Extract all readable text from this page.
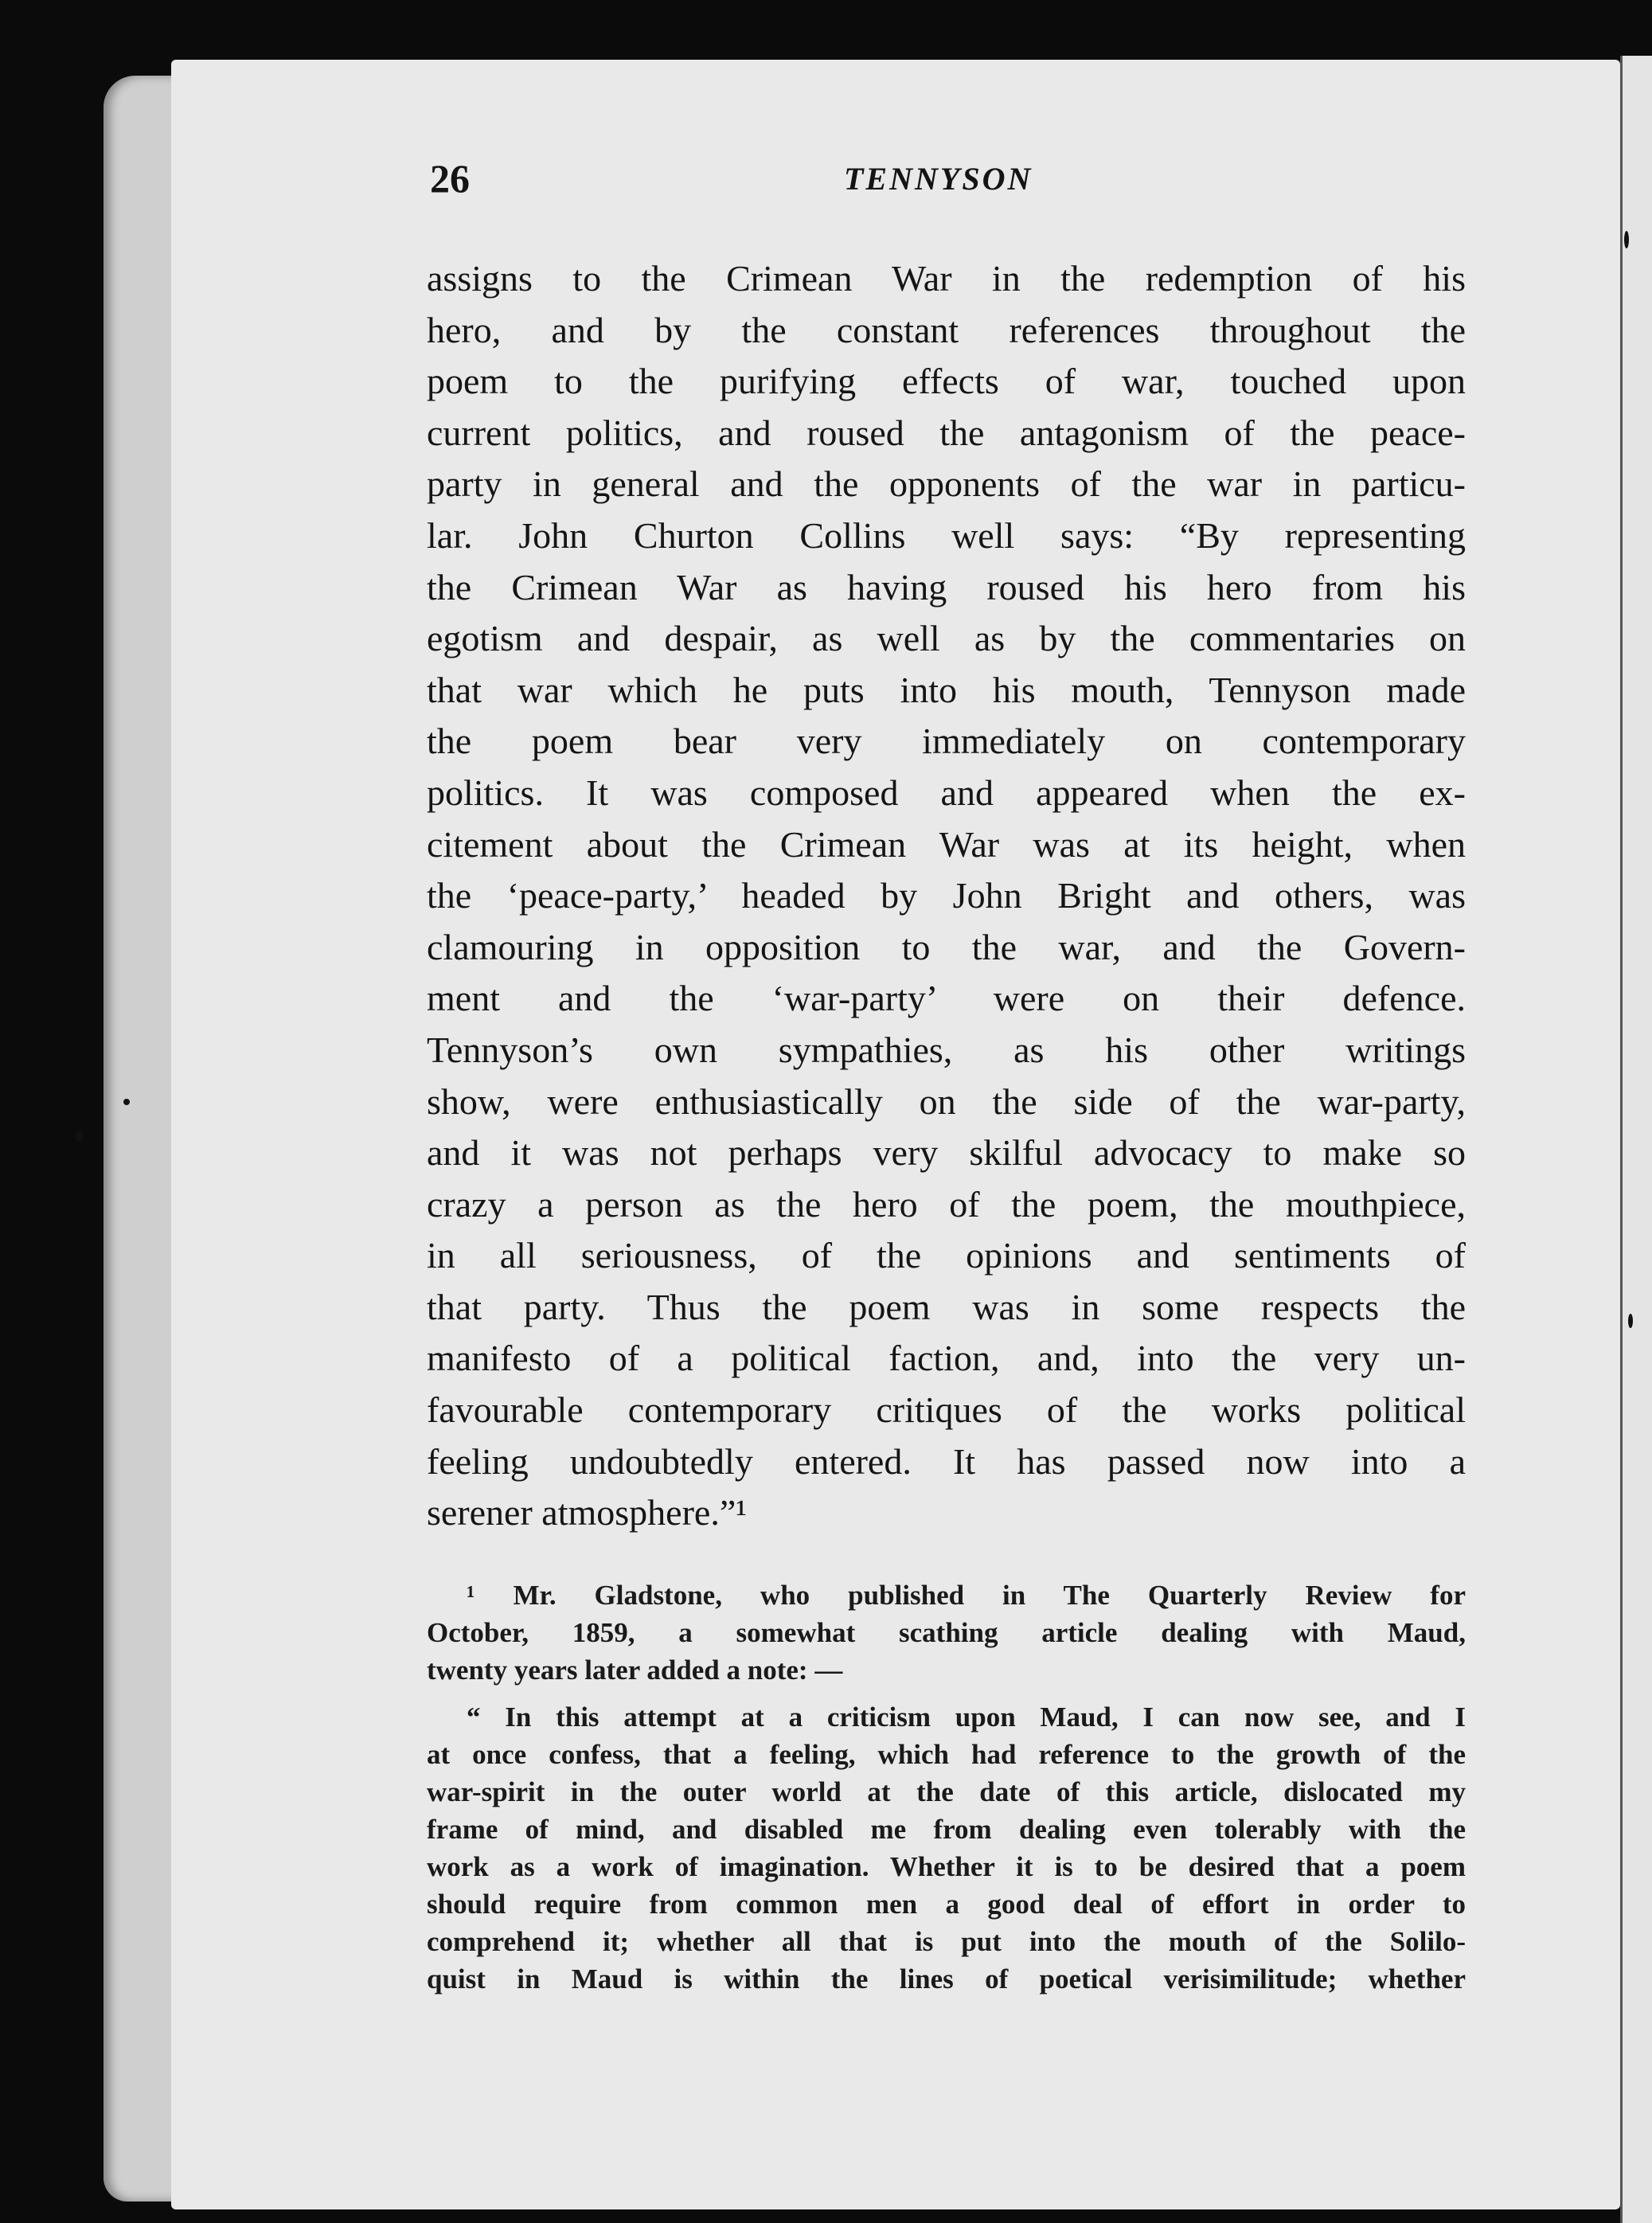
26	TENNYSON
assigns to the Crimean War in the redemption of his
hero, and by the constant references throughout the
poem to the purifying effects of war, touched upon
current politics, and roused the antagonism of the peace-
party in general and the opponents of the war in particu-
lar. John Churton Collins well says: “By representing
the Crimean War as having roused his hero from his
egotism and despair, as well as by the commentaries on
that war which he puts into his mouth, Tennyson made
the poem bear very immediately on contemporary
politics. It was composed and appeared when the ex-
citement about the Crimean War was at its height, when
the ‘peace-party,’ headed by John Bright and others, was
clamouring in opposition to the war, and the Govern-
ment and the ‘war-party’ were on their defence.
Tennyson’s own sympathies, as his other writings
show, were enthusiastically on the side of the war-party,
and it was not perhaps very skilful advocacy to make so
crazy a person as the hero of the poem, the mouthpiece,
in all seriousness, of the opinions and sentiments of
that party. Thus the poem was in some respects the
manifesto of a political faction, and, into the very un-
favourable contemporary critiques of the works political
feeling undoubtedly entered. It has passed now into a
serener atmosphere.”¹
¹ Mr. Gladstone, who published in The Quarterly Review for
October, 1859, a somewhat scathing article dealing with Maud,
twenty years later added a note: —
“ In this attempt at a criticism upon Maud, I can now see, and I
at once confess, that a feeling, which had reference to the growth of the
war-spirit in the outer world at the date of this article, dislocated my
frame of mind, and disabled me from dealing even tolerably with the
work as a work of imagination. Whether it is to be desired that a poem
should require from common men a good deal of effort in order to
comprehend it; whether all that is put into the mouth of the Solilo-
quist in Maud is within the lines of poetical verisimilitude; whether
